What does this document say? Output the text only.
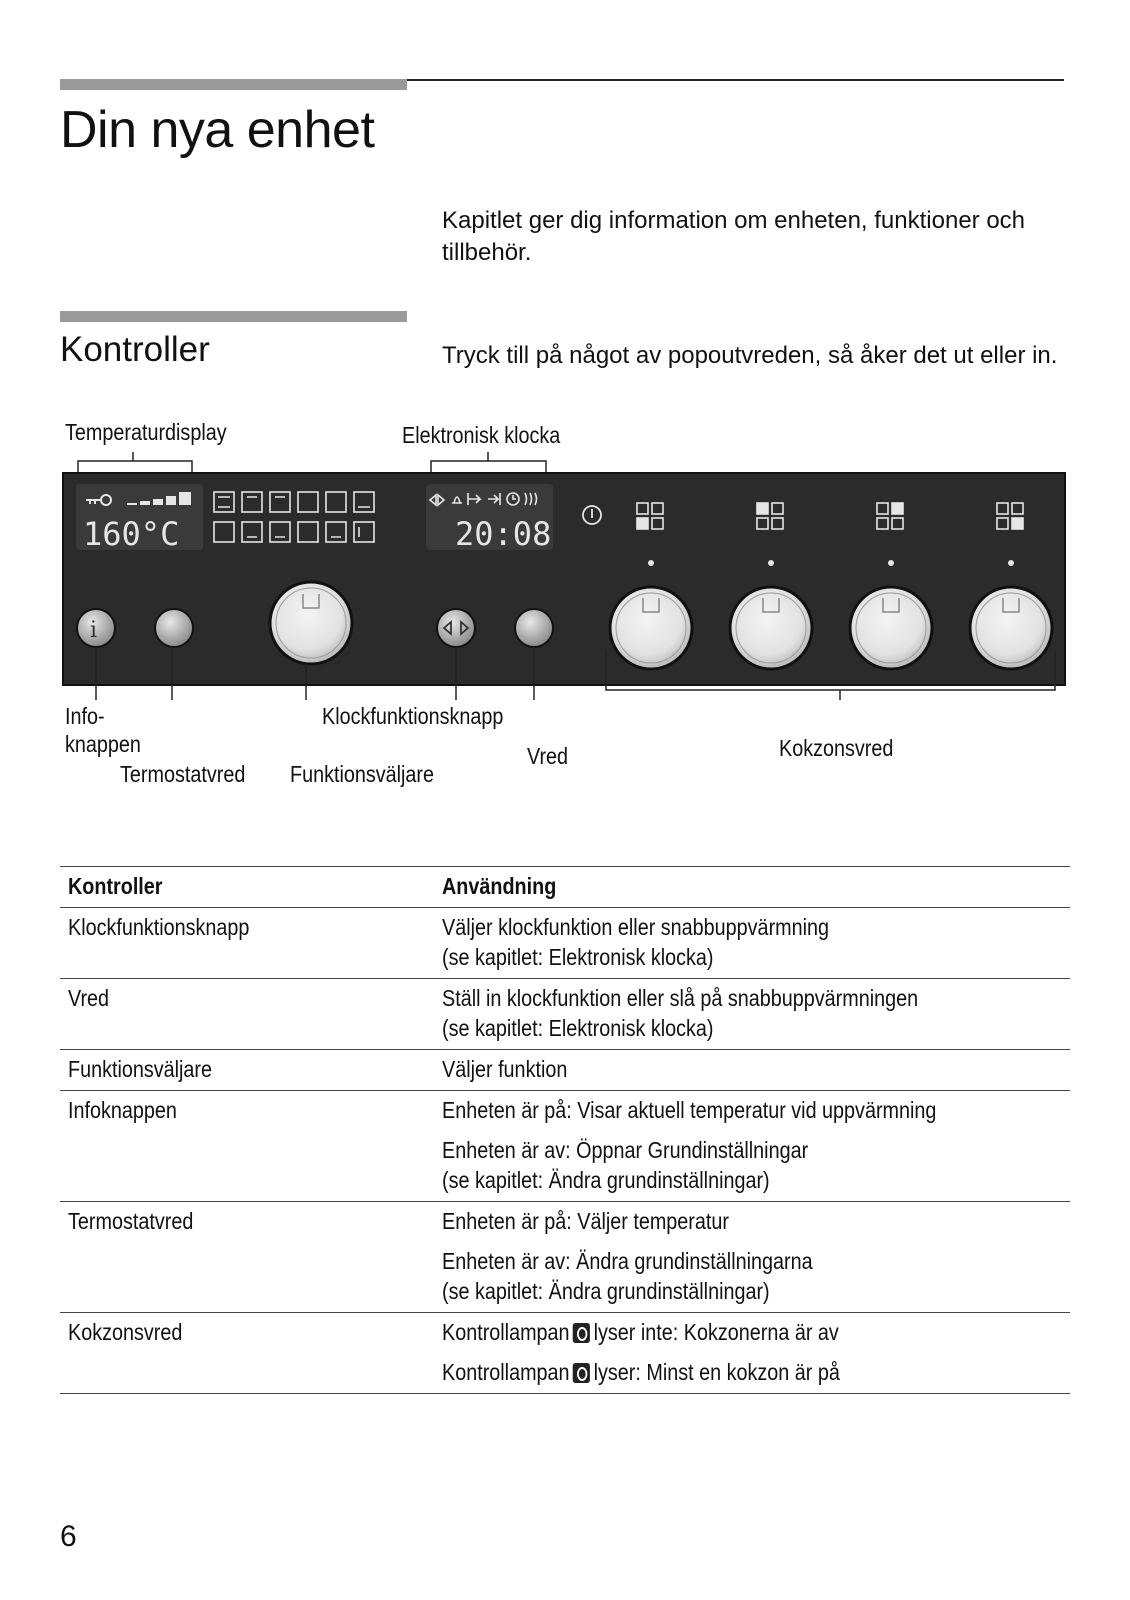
Din nya enhet
Kapitlet ger dig information om enheten, funktioner och tillbehör.
Kontroller	Tryck till på något av popoutvreden, så åker det ut eller in.
Temperaturdisplay	Elektronisk klocka
Info-
knappen
Termostatvred Funktionsväljare
Klockfunktionsknapp
Vred	Kokzonsvred
160°C	20:08
i
Kontroller	Användning
Klockfunktionsknapp	Väljer klockfunktion eller snabbuppvärmning
(se kapitlet: Elektronisk klocka)
Vred	Ställ in klockfunktion eller slå på snabbuppvärmningen
(se kapitlet: Elektronisk klocka)
Funktionsväljare	Väljer funktion
Infoknappen	Enheten är på: Visar aktuell temperatur vid uppvärmning
Enheten är av: Öppnar Grundinställningar
(se kapitlet: Ändra grundinställningar)
Termostatvred	Enheten är på: Väljer temperatur
Enheten är av: Ändra grundinställningarna
(se kapitlet: Ändra grundinställningar)
Kokzonsvred	Kontrollampan lyser inte: Kokzonerna är av
Kontrollampan lyser: Minst en kokzon är på
6
